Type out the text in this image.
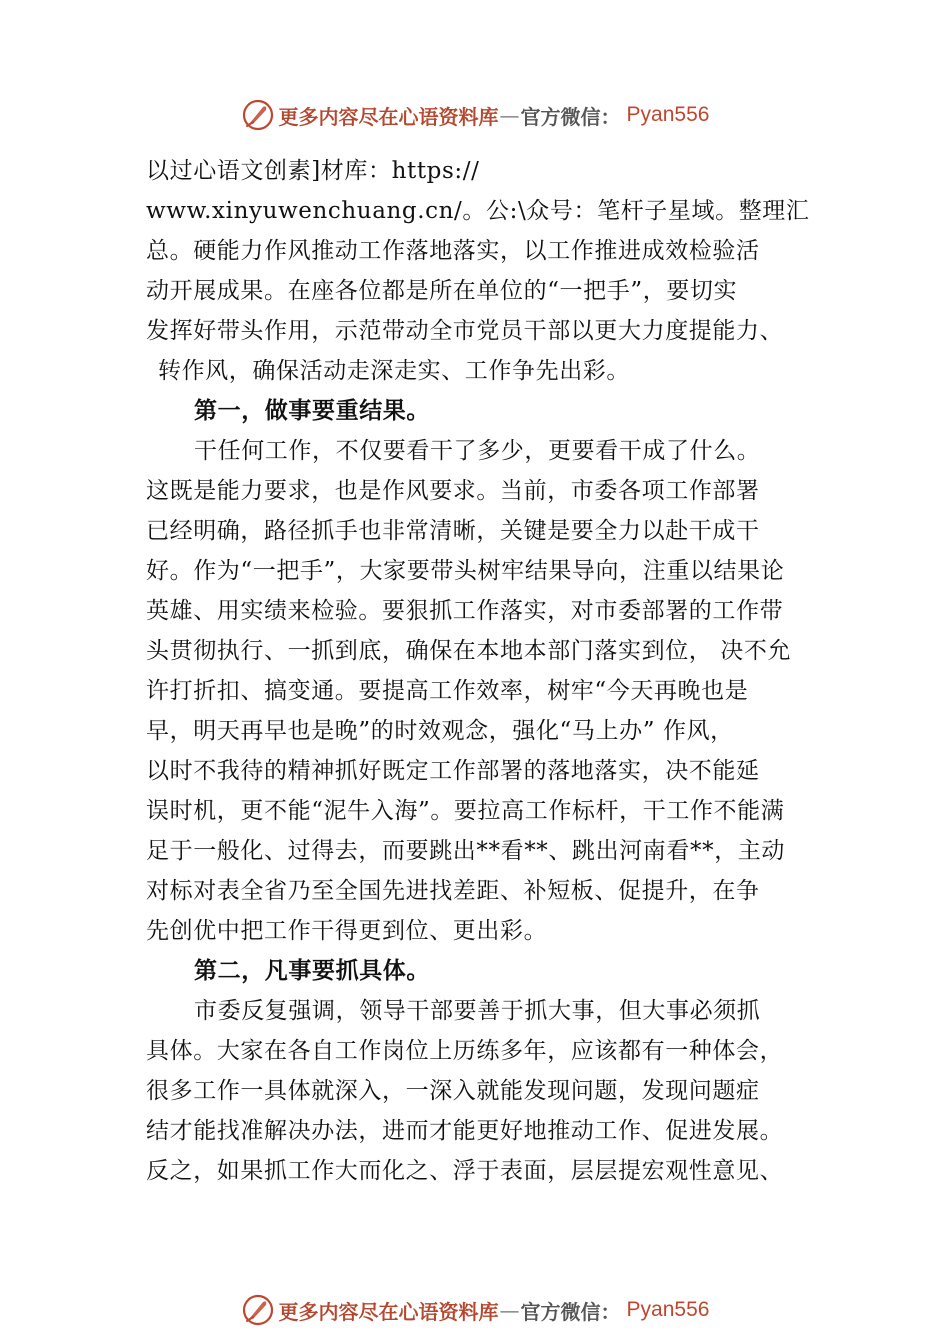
更多内容尽在心语资料库 — 官方微信： Pyan556
以过心语文创素]材库：https://
www.xinyuwenchuang.cn/。公:\众号：笔杆子星域。整理汇
总。硬能力作风推动工作落地落实，以工作推进成效检验活
动开展成果。在座各位都是所在单位的“一把手”，要切实
发挥好带头作用，示范带动全市党员干部以更大力度提能力、
转作风，确保活动走深走实、工作争先出彩。
第一，做事要重结果。
干任何工作，不仅要看干了多少，更要看干成了什么。
这既是能力要求，也是作风要求。当前，市委各项工作部署
已经明确，路径抓手也非常清晰，关键是要全力以赴干成干
好。作为“一把手”，大家要带头树牢结果导向，注重以结果论
英雄、用实绩来检验。要狠抓工作落实，对市委部署的工作带
头贯彻执行、一抓到底，确保在本地本部门落实到位， 决不允
许打折扣、搞变通。要提高工作效率，树牢“今天再晚也是
早，明天再早也是晚”的时效观念，强化“马上办” 作风，
以时不我待的精神抓好既定工作部署的落地落实，决不能延
误时机，更不能“泥牛入海”。要拉高工作标杆，干工作不能满
足于一般化、过得去，而要跳出**看**、跳出河南看**，主动
对标对表全省乃至全国先进找差距、补短板、促提升，在争
先创优中把工作干得更到位、更出彩。
第二，凡事要抓具体。
市委反复强调，领导干部要善于抓大事，但大事必须抓
具体。大家在各自工作岗位上历练多年，应该都有一种体会，
很多工作一具体就深入，一深入就能发现问题，发现问题症
结才能找准解决办法，进而才能更好地推动工作、促进发展。
反之，如果抓工作大而化之、浮于表面，层层提宏观性意见、
更多内容尽在心语资料库 — 官方微信： Pyan556
